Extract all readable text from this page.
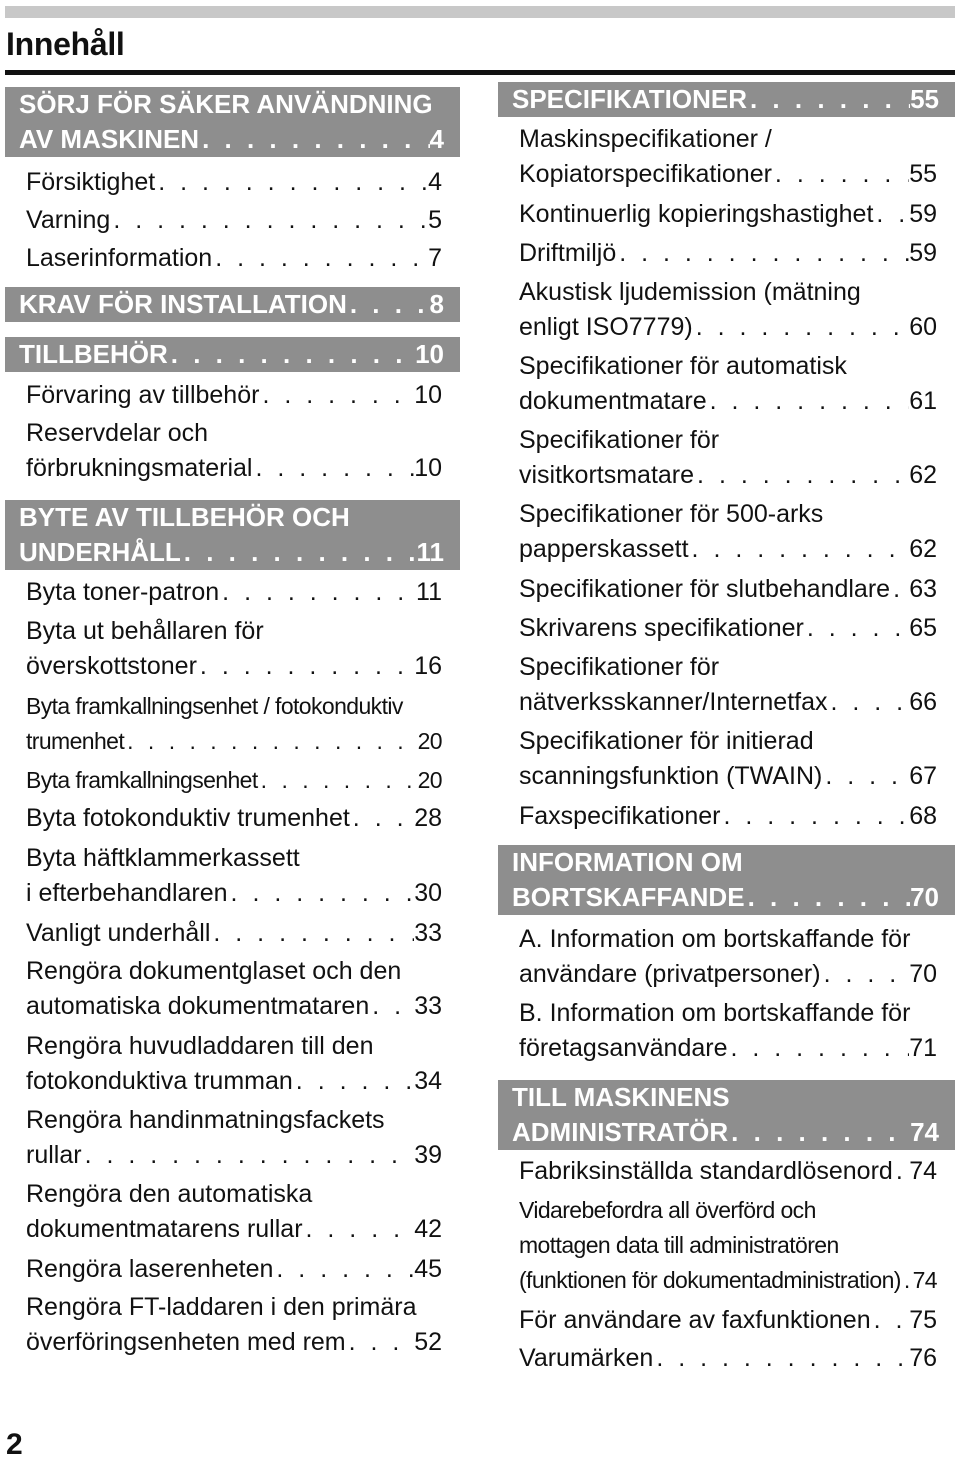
Innehåll
SÖRJ FÖR SÄKER ANVÄNDNING
AV MASKINEN . . .	4
Försiktighet . . .	4
Varning . . .	5
Laserinformation . . .	7
KRAV FÖR INSTALLATION . . .	8
TILLBEHÖR . . .	10
Förvaring av tillbehör . . .	10
Reservdelar och
förbrukningsmaterial . . .	10
BYTE AV TILLBEHÖR OCH
UNDERHÅLL . . .	11
Byta toner-patron . . .	11
Byta ut behållaren för
överskottstoner . . .	16
Byta framkallningsenhet / fotokonduktiv
trumenhet . . .	20
Byta framkallningsenhet . . .	20
Byta fotokonduktiv trumenhet . . .	28
Byta häftklammerkassett
i efterbehandlaren . . .	30
Vanligt underhåll . . .	33
Rengöra dokumentglaset och den
automatiska dokumentmataren . . . 33
Rengöra huvudladdaren till den
fotokonduktiva trumman . . .	34
Rengöra handinmatningsfackets
rullar . . .	39
Rengöra den automatiska
dokumentmatarens rullar . . .	42
Rengöra laserenheten . . .	45
Rengöra FT-laddaren i den primära
överföringsenheten med rem . . .	52
SPECIFIKATIONER . . .	55
Maskinspecifikationer /
Kopiatorspecifikationer . . .	55
Kontinuerlig kopieringshastighet . . . 59
Driftmiljö . . .	59
Akustisk ljudemission (mätning
enligt ISO7779) . . .	60
Specifikationer för automatisk
dokumentmatare . . .	61
Specifikationer för
visitkortsmatare . . .	62
Specifikationer för 500-arks
papperskassett . . .	62
Specifikationer för slutbehandlare . . . 63
Skrivarens specifikationer . . .	65
Specifikationer för
nätverksskanner/Internetfax . . .	66
Specifikationer för initierad
scanningsfunktion (TWAIN) . . .	67
Faxspecifikationer . . .	68
INFORMATION OM
BORTSKAFFANDE . . .	70
A. Information om bortskaffande för
användare (privatpersoner) . . .	70
B. Information om bortskaffande för
företagsanvändare . . .	71
TILL MASKINENS
ADMINISTRATÖR . . .	74
Fabriksinställda standardlösenord . . . 74
Vidarebefordra all överförd och
mottagen data till administratören
(funktionen för dokumentadministration) . . . 74
För användare av faxfunktionen . . . 75
Varumärken . . .	76

2
